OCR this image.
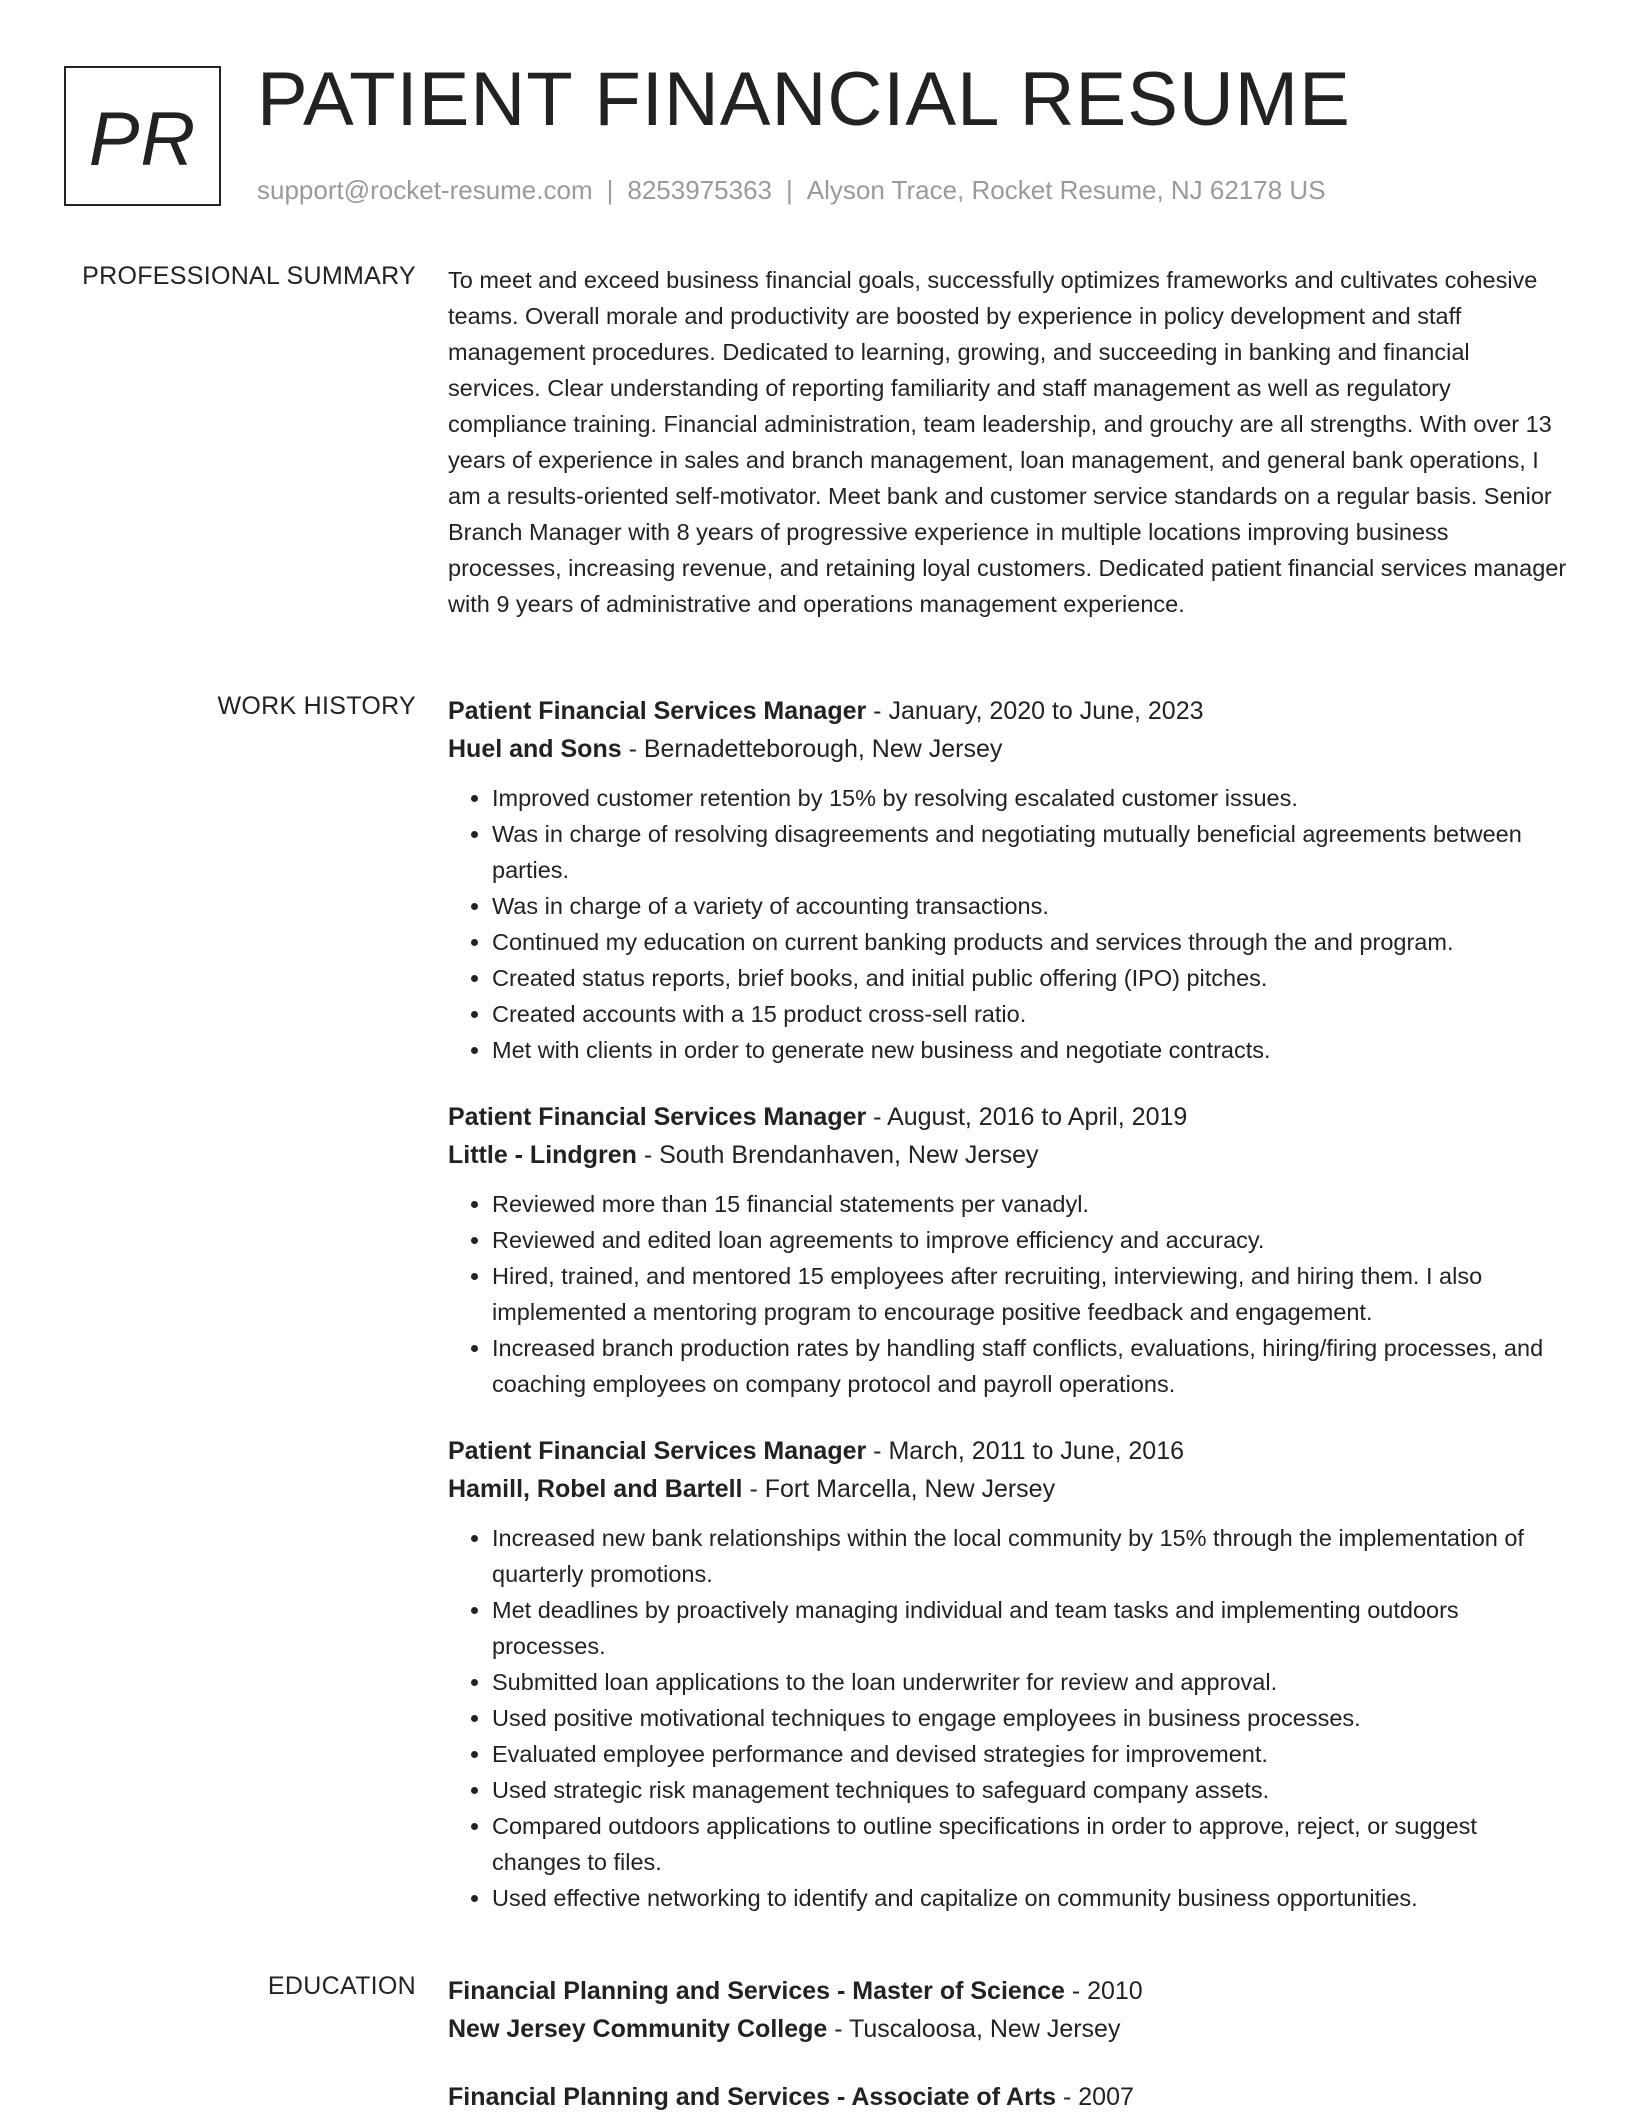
PR PATIENT FINANCIAL RESUME
support@rocket-resume.com | 8253975363 | Alyson Trace, Rocket Resume, NJ 62178 US
PROFESSIONAL SUMMARY To meet and exceed business financial goals, successfully optimizes frameworks and cultivates cohesive teams. Overall morale and productivity are boosted by experience in policy development and staff management procedures. Dedicated to learning, growing, and succeeding in banking and financial services. Clear understanding of reporting familiarity and staff management as well as regulatory compliance training. Financial administration, team leadership, and grouchy are all strengths. With over 13 years of experience in sales and branch management, loan management, and general bank operations, I am a results-oriented self-motivator. Meet bank and customer service standards on a regular basis. Senior Branch Manager with 8 years of progressive experience in multiple locations improving business processes, increasing revenue, and retaining loyal customers. Dedicated patient financial services manager with 9 years of administrative and operations management experience.

WORK HISTORY Patient Financial Services Manager - January, 2020 to June, 2023
Huel and Sons - Bernadetteborough, New Jersey
• Improved customer retention by 15% by resolving escalated customer issues.
• Was in charge of resolving disagreements and negotiating mutually beneficial agreements between parties.
• Was in charge of a variety of accounting transactions.
• Continued my education on current banking products and services through the and program.
• Created status reports, brief books, and initial public offering (IPO) pitches.
• Created accounts with a 15 product cross-sell ratio.
• Met with clients in order to generate new business and negotiate contracts.
Patient Financial Services Manager - August, 2016 to April, 2019
Little - Lindgren - South Brendanhaven, New Jersey
• Reviewed more than 15 financial statements per vanadyl.
• Reviewed and edited loan agreements to improve efficiency and accuracy.
• Hired, trained, and mentored 15 employees after recruiting, interviewing, and hiring them. I also implemented a mentoring program to encourage positive feedback and engagement.
• Increased branch production rates by handling staff conflicts, evaluations, hiring/firing processes, and coaching employees on company protocol and payroll operations.
Patient Financial Services Manager - March, 2011 to June, 2016
Hamill, Robel and Bartell - Fort Marcella, New Jersey
• Increased new bank relationships within the local community by 15% through the implementation of quarterly promotions.
• Met deadlines by proactively managing individual and team tasks and implementing outdoors processes.
• Submitted loan applications to the loan underwriter for review and approval.
• Used positive motivational techniques to engage employees in business processes.
• Evaluated employee performance and devised strategies for improvement.
• Used strategic risk management techniques to safeguard company assets.
• Compared outdoors applications to outline specifications in order to approve, reject, or suggest changes to files.
• Used effective networking to identify and capitalize on community business opportunities.
EDUCATION Financial Planning and Services - Master of Science - 2010
New Jersey Community College - Tuscaloosa, New Jersey
Financial Planning and Services - Associate of Arts - 2007
